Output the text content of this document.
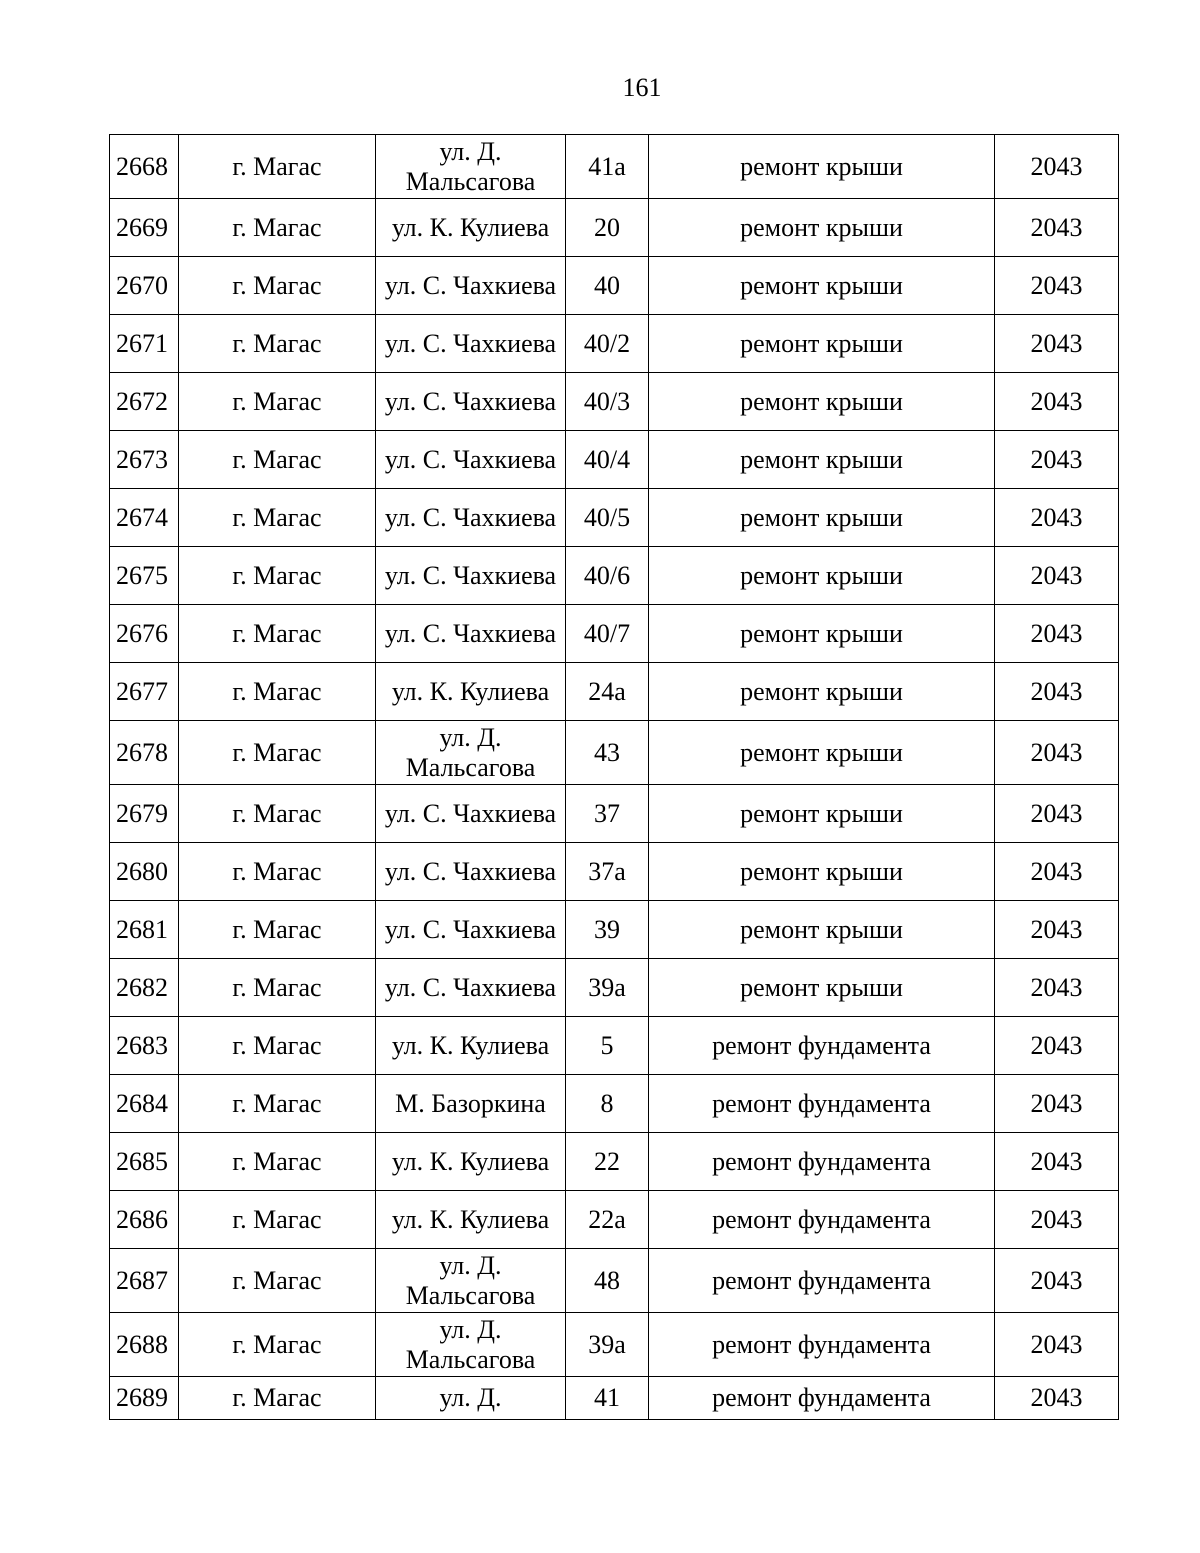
161
2668	г. Магас	ул. Д. Мальсагова	41а	ремонт крыши	2043
2669	г. Магас	ул. К. Кулиева	20	ремонт крыши	2043
2670	г. Магас	ул. С. Чахкиева	40	ремонт крыши	2043
2671	г. Магас	ул. С. Чахкиева	40/2	ремонт крыши	2043
2672	г. Магас	ул. С. Чахкиева	40/3	ремонт крыши	2043
2673	г. Магас	ул. С. Чахкиева	40/4	ремонт крыши	2043
2674	г. Магас	ул. С. Чахкиева	40/5	ремонт крыши	2043
2675	г. Магас	ул. С. Чахкиева	40/6	ремонт крыши	2043
2676	г. Магас	ул. С. Чахкиева	40/7	ремонт крыши	2043
2677	г. Магас	ул. К. Кулиева	24а	ремонт крыши	2043
2678	г. Магас	ул. Д. Мальсагова	43	ремонт крыши	2043
2679	г. Магас	ул. С. Чахкиева	37	ремонт крыши	2043
2680	г. Магас	ул. С. Чахкиева	37а	ремонт крыши	2043
2681	г. Магас	ул. С. Чахкиева	39	ремонт крыши	2043
2682	г. Магас	ул. С. Чахкиева	39а	ремонт крыши	2043
2683	г. Магас	ул. К. Кулиева	5	ремонт фундамента	2043
2684	г. Магас	М. Базоркина	8	ремонт фундамента	2043
2685	г. Магас	ул. К. Кулиева	22	ремонт фундамента	2043
2686	г. Магас	ул. К. Кулиева	22а	ремонт фундамента	2043
2687	г. Магас	ул. Д. Мальсагова	48	ремонт фундамента	2043
2688	г. Магас	ул. Д. Мальсагова	39а	ремонт фундамента	2043
2689	г. Магас	ул. Д.	41	ремонт фундамента	2043
